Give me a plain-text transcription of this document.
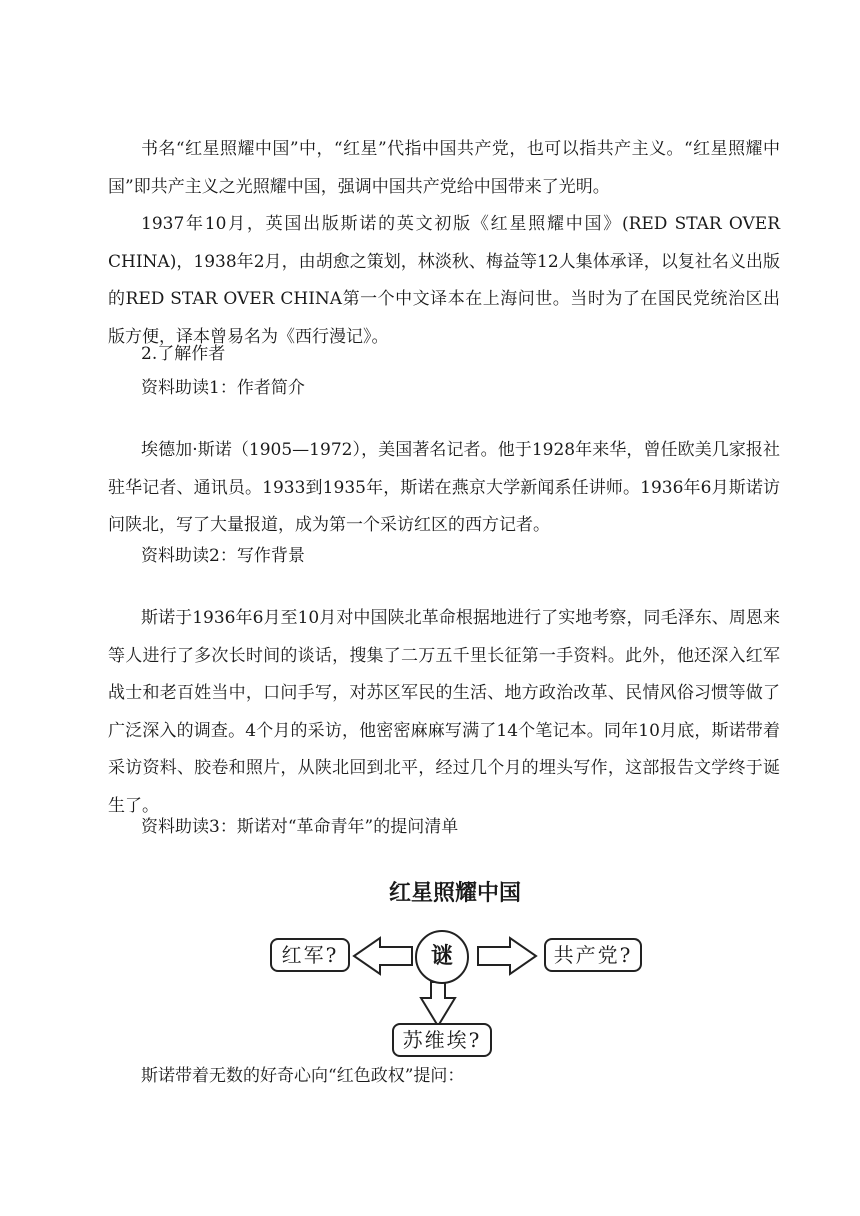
书名“红星照耀中国”中，“红星”代指中国共产党，也可以指共产主义。“红星照耀中国”即共产主义之光照耀中国，强调中国共产党给中国带来了光明。

1937年10月，英国出版斯诺的英文初版《红星照耀中国》(RED STAR OVER CHINA)，1938年2月，由胡愈之策划，林淡秋、梅益等12人集体承译，以复社名义出版的RED STAR OVER CHINA第一个中文译本在上海问世。当时为了在国民党统治区出版方便，译本曾易名为《西行漫记》。

2.了解作者

资料助读1：作者简介

埃德加·斯诺（1905—1972），美国著名记者。他于1928年来华，曾任欧美几家报社驻华记者、通讯员。1933到1935年，斯诺在燕京大学新闻系任讲师。1936年6月斯诺访问陕北，写了大量报道，成为第一个采访红区的西方记者。

资料助读2：写作背景

斯诺于1936年6月至10月对中国陕北革命根据地进行了实地考察，同毛泽东、周恩来等人进行了多次长时间的谈话，搜集了二万五千里长征第一手资料。此外，他还深入红军战士和老百姓当中，口问手写，对苏区军民的生活、地方政治改革、民情风俗习惯等做了广泛深入的调查。4个月的采访，他密密麻麻写满了14个笔记本。同年10月底，斯诺带着采访资料、胶卷和照片，从陕北回到北平，经过几个月的埋头写作，这部报告文学终于诞生了。

资料助读3：斯诺对“革命青年”的提问清单

红星照耀中国
谜
红军?	共产党?
苏维埃?

斯诺带着无数的好奇心向“红色政权”提问：
